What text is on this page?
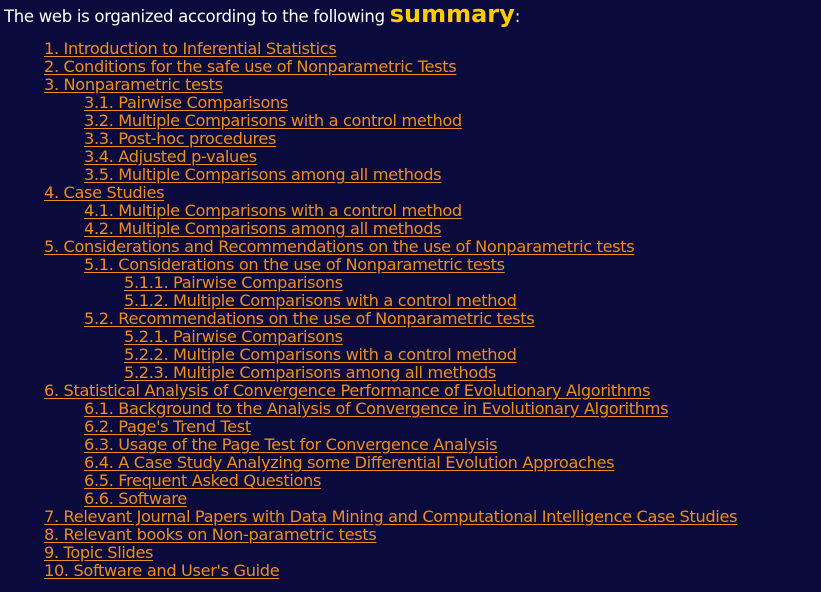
The web is organized according to the following summary:
1. Introduction to Inferential Statistics
2. Conditions for the safe use of Nonparametric Tests
3. Nonparametric tests
3.1. Pairwise Comparisons
3.2. Multiple Comparisons with a control method
3.3. Post-hoc procedures
3.4. Adjusted p-values
3.5. Multiple Comparisons among all methods
4. Case Studies
4.1. Multiple Comparisons with a control method
4.2. Multiple Comparisons among all methods
5. Considerations and Recommendations on the use of Nonparametric tests
5.1. Considerations on the use of Nonparametric tests
5.1.1. Pairwise Comparisons
5.1.2. Multiple Comparisons with a control method
5.2. Recommendations on the use of Nonparametric tests
5.2.1. Pairwise Comparisons
5.2.2. Multiple Comparisons with a control method
5.2.3. Multiple Comparisons among all methods
6. Statistical Analysis of Convergence Performance of Evolutionary Algorithms
6.1. Background to the Analysis of Convergence in Evolutionary Algorithms
6.2. Page's Trend Test
6.3. Usage of the Page Test for Convergence Analysis
6.4. A Case Study Analyzing some Differential Evolution Approaches
6.5. Frequent Asked Questions
6.6. Software
7. Relevant Journal Papers with Data Mining and Computational Intelligence Case Studies
8. Relevant books on Non-parametric tests
9. Topic Slides
10. Software and User's Guide
